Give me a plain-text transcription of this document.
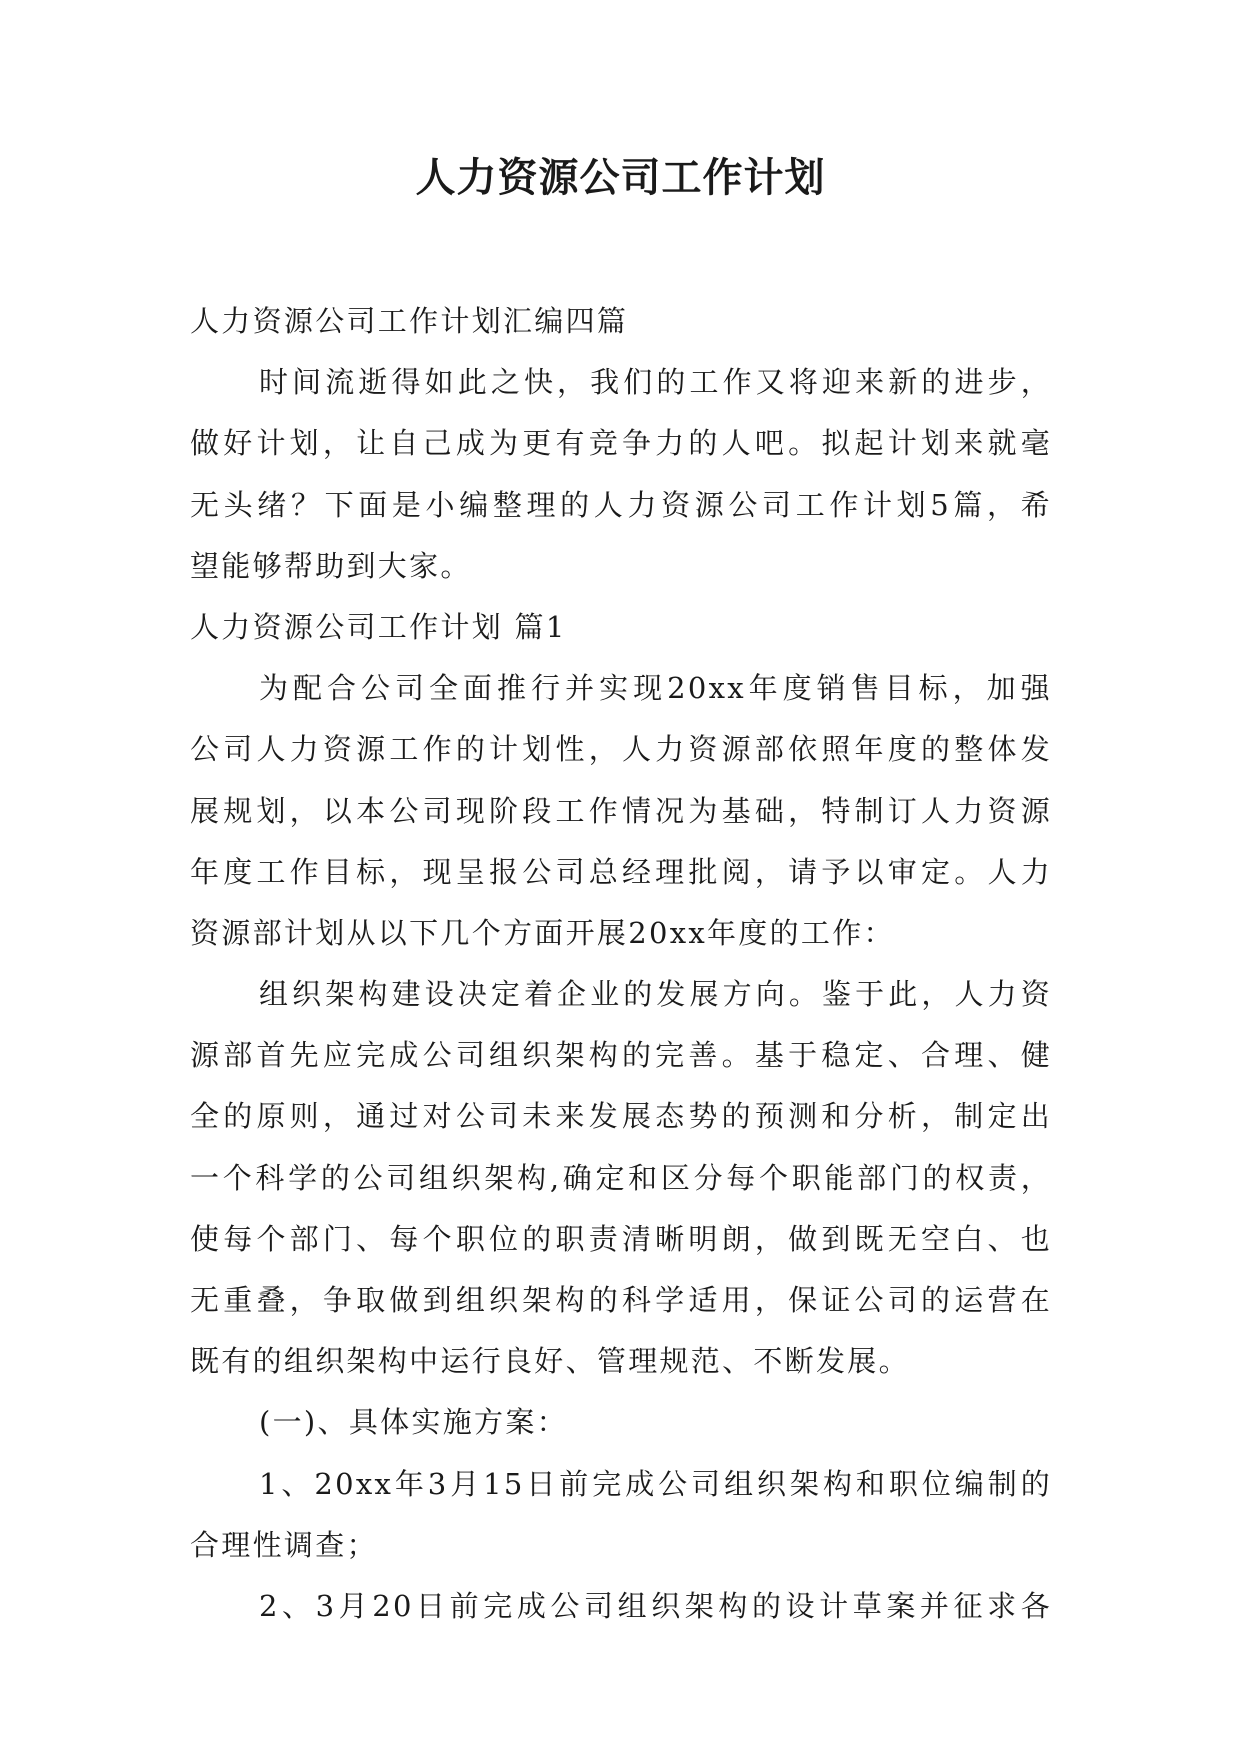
人力资源公司工作计划
人力资源公司工作计划汇编四篇
时间流逝得如此之快，我们的工作又将迎来新的进步，
做好计划，让自己成为更有竞争力的人吧。拟起计划来就毫
无头绪？下面是小编整理的人力资源公司工作计划5篇，希
望能够帮助到大家。
人力资源公司工作计划 篇1
为配合公司全面推行并实现20xx年度销售目标，加强
公司人力资源工作的计划性，人力资源部依照年度的整体发
展规划，以本公司现阶段工作情况为基础，特制订人力资源
年度工作目标，现呈报公司总经理批阅，请予以审定。人力
资源部计划从以下几个方面开展20xx年度的工作：
组织架构建设决定着企业的发展方向。鉴于此，人力资
源部首先应完成公司组织架构的完善。基于稳定、合理、健
全的原则，通过对公司未来发展态势的预测和分析，制定出
一个科学的公司组织架构,确定和区分每个职能部门的权责，
使每个部门、每个职位的职责清晰明朗，做到既无空白、也
无重叠，争取做到组织架构的科学适用，保证公司的运营在
既有的组织架构中运行良好、管理规范、不断发展。
(一)、具体实施方案：
1、20xx年3月15日前完成公司组织架构和职位编制的
合理性调查；
2、3月20日前完成公司组织架构的设计草案并征求各
